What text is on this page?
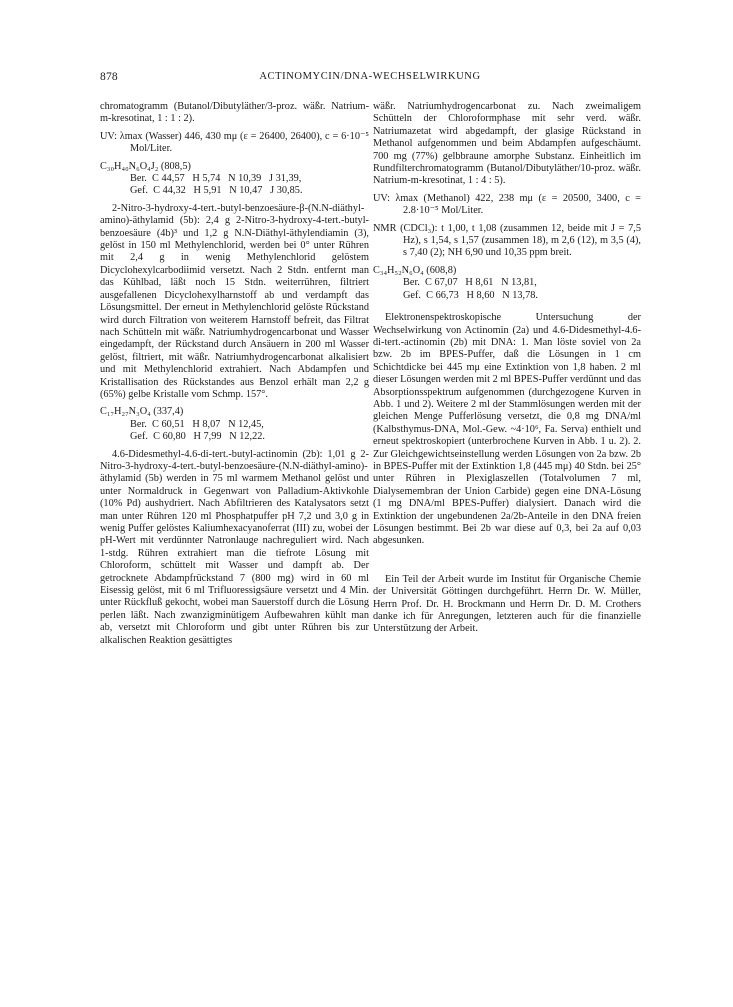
878	ACTINOMYCIN/DNA-WECHSELWIRKUNG

chromatogramm (Butanol/Dibutyläther/3-proz. wäßr. Natrium-m-kresotinat, 1 : 1 : 2).

UV: λmax (Wasser) 446, 430 mμ (ε = 26400, 26400), c = 6·10⁻⁵ Mol/Liter.

C₃₀H₄₀N₆O₄J₂ (808,5)

Ber.  C 44,57   H 5,74   N 10,39   J 31,39,

Gef.  C 44,32   H 5,91   N 10,47   J 30,85.

2-Nitro-3-hydroxy-4-tert.-butyl-benzoesäure-β-(N.N-diäthyl-amino)-äthylamid (5b): 2,4 g 2-Nitro-3-hydroxy-4-tert.-butyl-benzoesäure (4b)³ und 1,2 g N.N-Diäthyl-äthylendiamin (3), gelöst in 150 ml Methylenchlorid, werden bei 0° unter Rühren mit 2,4 g in wenig Methylenchlorid gelöstem Dicyclohexylcarbodiimid versetzt. Nach 2 Stdn. entfernt man das Kühlbad, läßt noch 15 Stdn. weiterrühren, filtriert ausgefallenen Dicyclohexylharnstoff ab und verdampft das Lösungsmittel. Der erneut in Methylenchlorid gelöste Rückstand wird durch Filtration von weiterem Harnstoff befreit, das Filtrat nach Schütteln mit wäßr. Natriumhydrogencarbonat und Wasser eingedampft, der Rückstand durch Ansäuern in 200 ml Wasser gelöst, filtriert, mit wäßr. Natriumhydrogencarbonat alkalisiert und mit Methylenchlorid extrahiert. Nach Abdampfen und Kristallisation des Rückstandes aus Benzol erhält man 2,2 g (65%) gelbe Kristalle vom Schmp. 157°.

C₁₇H₂₇N₃O₄ (337,4)

Ber.  C 60,51   H 8,07   N 12,45,

Gef.  C 60,80   H 7,99   N 12,22.

4.6-Didesmethyl-4.6-di-tert.-butyl-actinomin (2b): 1,01 g 2-Nitro-3-hydroxy-4-tert.-butyl-benzoesäure-(N.N-diäthyl-amino)-äthylamid (5b) werden in 75 ml warmem Methanol gelöst und unter Normaldruck in Gegenwart von Palladium-Aktivkohle (10% Pd) aushydriert. Nach Abfiltrieren des Katalysators setzt man unter Rühren 120 ml Phosphatpuffer pH 7,2 und 3,0 g in wenig Puffer gelöstes Kaliumhexacyanoferrat (III) zu, wobei der pH-Wert mit verdünnter Natronlauge nachreguliert wird. Nach 1-stdg. Rühren extrahiert man die tiefrote Lösung mit Chloroform, schüttelt mit Wasser und dampft ab. Der getrocknete Abdampfrückstand 7 (800 mg) wird in 60 ml Eisessig gelöst, mit 6 ml Trifluoressigsäure versetzt und 4 Min. unter Rückfluß gekocht, wobei man Sauerstoff durch die Lösung perlen läßt. Nach zwanzigminütigem Aufbewahren kühlt man ab, versetzt mit Chloroform und gibt unter Rühren bis zur alkalischen Reaktion gesättigtes

wäßr. Natriumhydrogencarbonat zu. Nach zweimaligem Schütteln der Chloroformphase mit sehr verd. wäßr. Natriumazetat wird abgedampft, der glasige Rückstand in Methanol aufgenommen und beim Abdampfen aufgeschäumt. 700 mg (77%) gelbbraune amorphe Substanz. Einheitlich im Rundfilterchromatogramm (Butanol/Dibutyläther/10-proz. wäßr. Natrium-m-kresotinat, 1 : 4 : 5).

UV: λmax (Methanol) 422, 238 mμ (ε = 20500, 3400, c = 2.8·10⁻⁵ Mol/Liter.

NMR (CDCl₃): t 1,00, t 1,08 (zusammen 12, beide mit J = 7,5 Hz), s 1,54, s 1,57 (zusammen 18), m 2,6 (12), m 3,5 (4), s 7,40 (2); NH 6,90 und 10,35 ppm breit.

C₃₄H₅₂N₆O₄ (608,8)

Ber.  C 67,07   H 8,61   N 13,81,

Gef.  C 66,73   H 8,60   N 13,78.

Elektronenspektroskopische Untersuchung der Wechselwirkung von Actinomin (2a) und 4.6-Didesmethyl-4.6-di-tert.-actinomin (2b) mit DNA: 1. Man löste soviel von 2a bzw. 2b im BPES-Puffer, daß die Lösungen in 1 cm Schichtdicke bei 445 mμ eine Extinktion von 1,8 haben. 2 ml dieser Lösungen werden mit 2 ml BPES-Puffer verdünnt und das Absorptionsspektrum aufgenommen (durchgezogene Kurven in Abb. 1 und 2). Weitere 2 ml der Stammlösungen werden mit der gleichen Menge Pufferlösung versetzt, die 0,8 mg DNA/ml (Kalbsthymus-DNA, Mol.-Gew. ~4·10⁶, Fa. Serva) enthielt und erneut spektroskopiert (unterbrochene Kurven in Abb. 1 u. 2). 2. Zur Gleichgewichtseinstellung werden Lösungen von 2a bzw. 2b in BPES-Puffer mit der Extinktion 1,8 (445 mμ) 40 Stdn. bei 25° unter Rühren in Plexiglaszellen (Totalvolumen 7 ml, Dialysemembran der Union Carbide) gegen eine DNA-Lösung (1 mg DNA/ml BPES-Puffer) dialysiert. Danach wird die Extinktion der ungebundenen 2a/2b-Anteile in den DNA freien Lösungen bestimmt. Bei 2b war diese auf 0,3, bei 2a auf 0,03 abgesunken.

Ein Teil der Arbeit wurde im Institut für Organische Chemie der Universität Göttingen durchgeführt. Herrn Dr. W. Müller, Herrn Prof. Dr. H. Brockmann und Herrn Dr. D. M. Crothers danke ich für Anregungen, letzteren auch für die finanzielle Unterstützung der Arbeit.
